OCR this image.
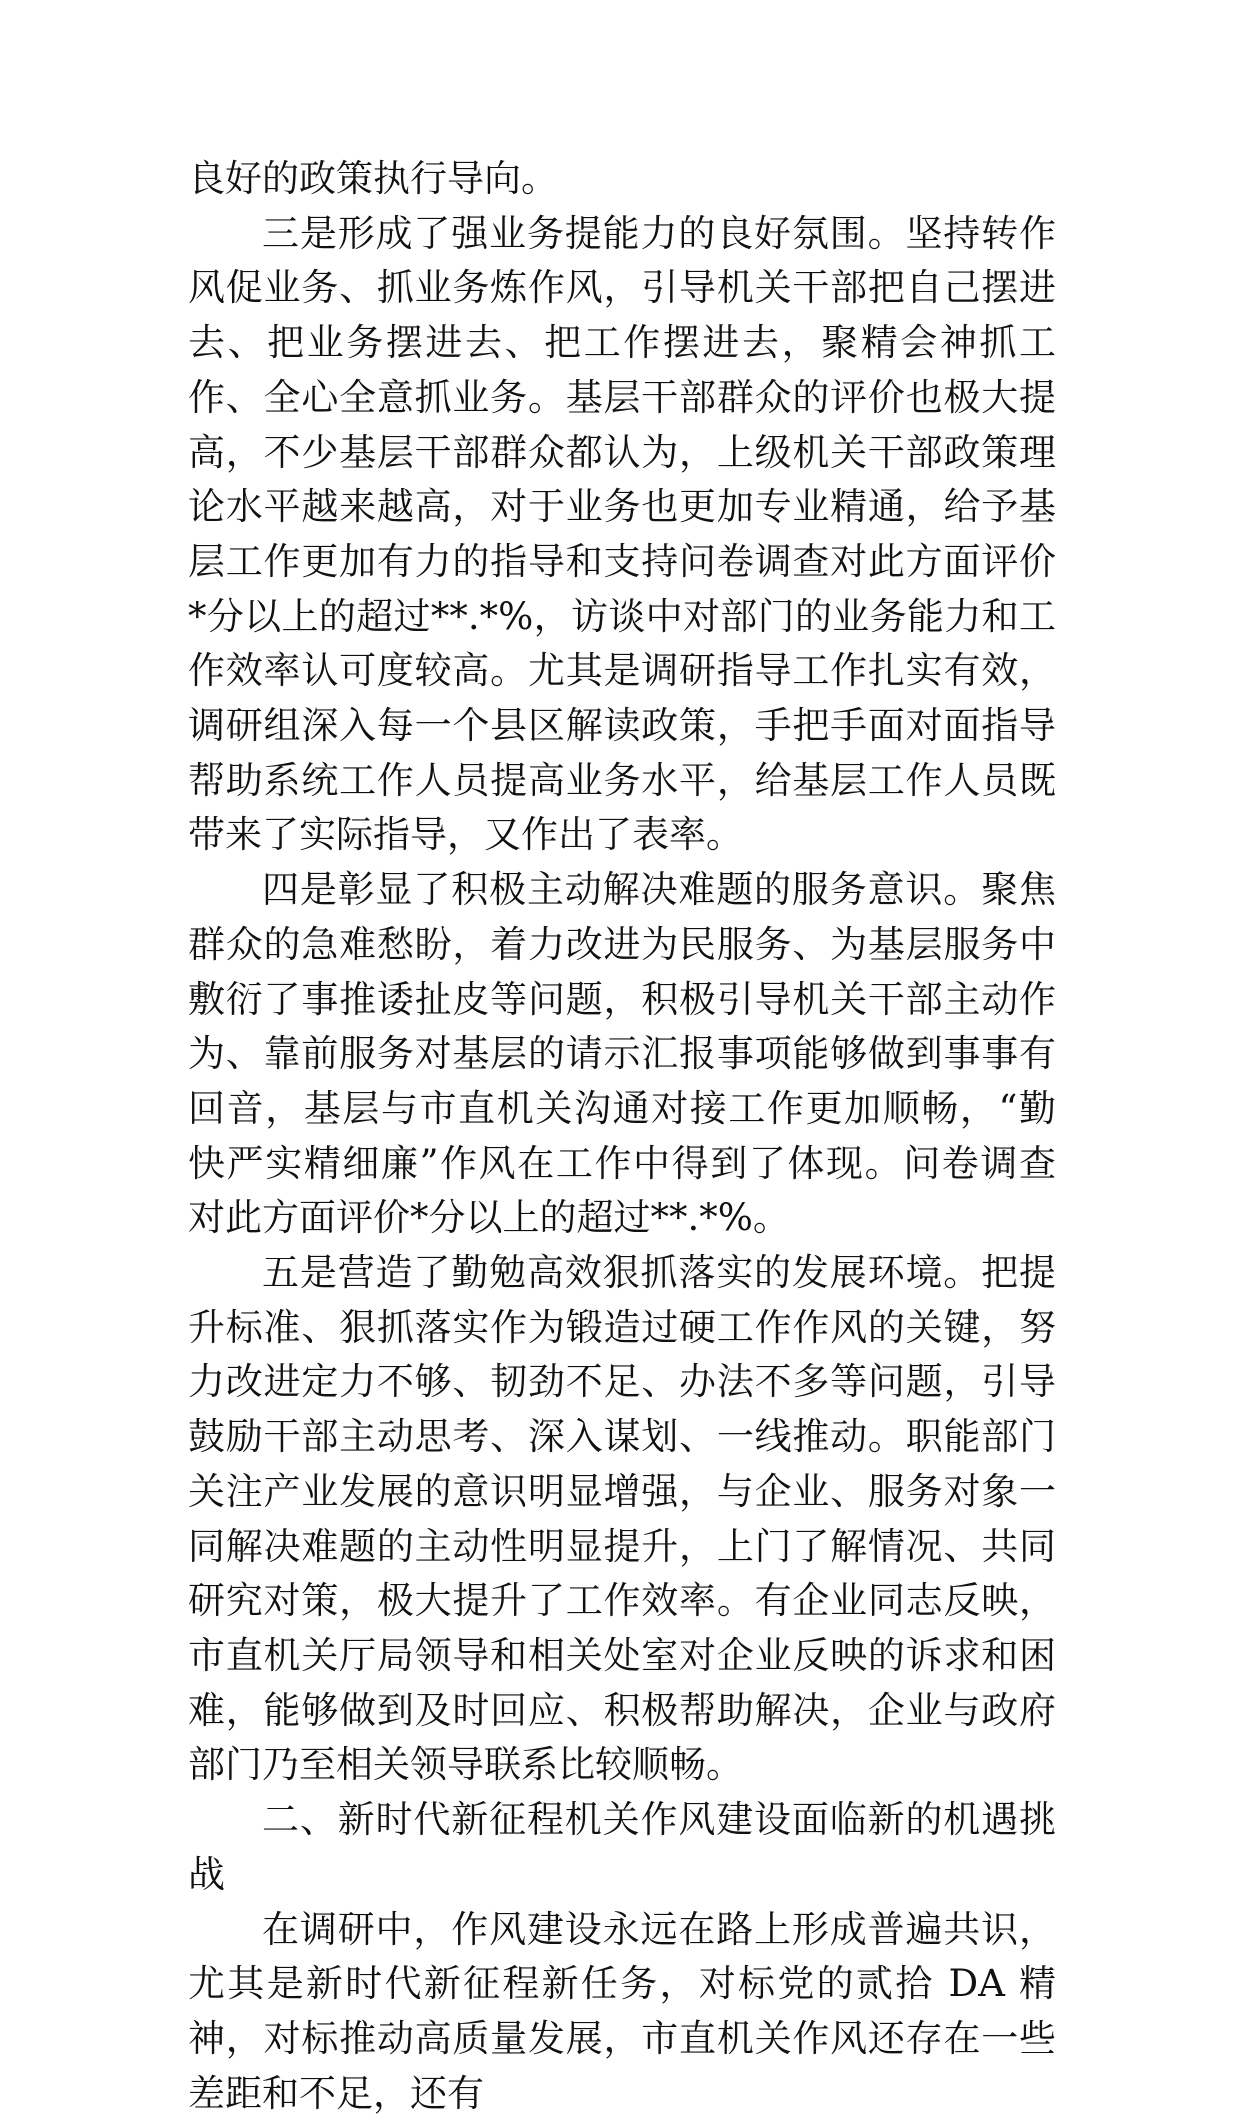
良好的政策执行导向。

三是形成了强业务提能力的良好氛围。坚持转作风促业务、抓业务炼作风，引导机关干部把自己摆进去、把业务摆进去、把工作摆进去，聚精会神抓工作、全心全意抓业务。基层干部群众的评价也极大提高，不少基层干部群众都认为，上级机关干部政策理论水平越来越高，对于业务也更加专业精通，给予基层工作更加有力的指导和支持问卷调查对此方面评价*分以上的超过**.*%，访谈中对部门的业务能力和工作效率认可度较高。尤其是调研指导工作扎实有效，调研组深入每一个县区解读政策，手把手面对面指导帮助系统工作人员提高业务水平，给基层工作人员既带来了实际指导，又作出了表率。

四是彰显了积极主动解决难题的服务意识。聚焦群众的急难愁盼，着力改进为民服务、为基层服务中敷衍了事推诿扯皮等问题，积极引导机关干部主动作为、靠前服务对基层的请示汇报事项能够做到事事有回音，基层与市直机关沟通对接工作更加顺畅，“勤快严实精细廉”作风在工作中得到了体现。问卷调查对此方面评价*分以上的超过**.*%。

五是营造了勤勉高效狠抓落实的发展环境。把提升标准、狠抓落实作为锻造过硬工作作风的关键，努力改进定力不够、韧劲不足、办法不多等问题，引导鼓励干部主动思考、深入谋划、一线推动。职能部门关注产业发展的意识明显增强，与企业、服务对象一同解决难题的主动性明显提升，上门了解情况、共同研究对策，极大提升了工作效率。有企业同志反映，市直机关厅局领导和相关处室对企业反映的诉求和困难，能够做到及时回应、积极帮助解决，企业与政府部门乃至相关领导联系比较顺畅。

二、新时代新征程机关作风建设面临新的机遇挑战

在调研中，作风建设永远在路上形成普遍共识，尤其是新时代新征程新任务，对标党的贰拾 DA 精神，对标推动高质量发展，市直机关作风还存在一些差距和不足，还有
